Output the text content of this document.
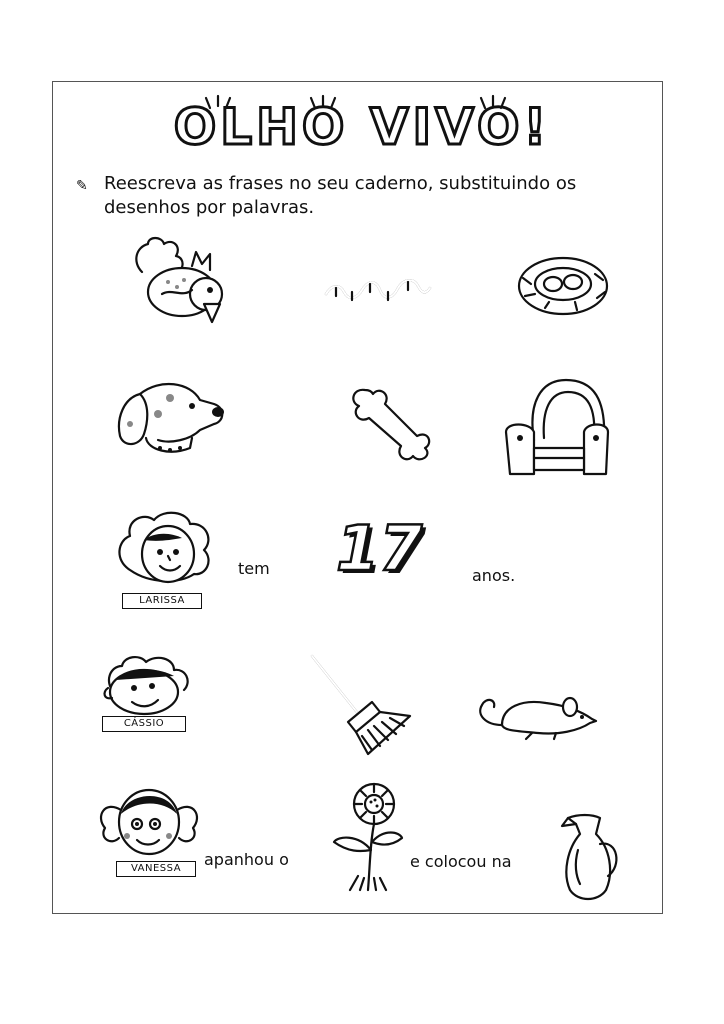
OLHO VIVO!
✎ Reescreva as frases no seu caderno, substituindo os desenhos por palavras.
LARISSA
tem 17	anos.
CÁSSIO
VANESSA	apanhou o	e colocou na
